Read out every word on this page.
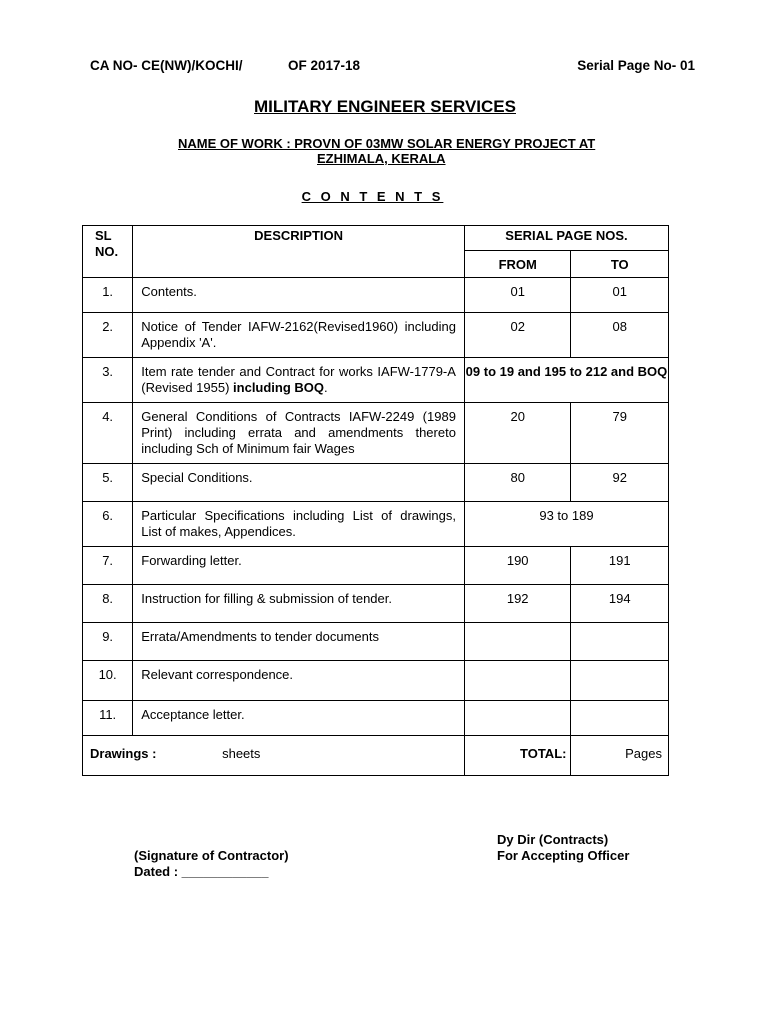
CA NO- CE(NW)/KOCHI/	OF 2017-18	Serial Page No- 01
MILITARY ENGINEER SERVICES
NAME OF WORK : PROVN OF 03MW SOLAR ENERGY PROJECT AT
EZHIMALA, KERALA
C O N T E N T S
SL NO.	DESCRIPTION	SERIAL PAGE NOS.	
		FROM	TO
1.	Contents.	01	01
2.	Notice of Tender IAFW-2162(Revised1960) including Appendix 'A'.	02	08
3.	Item rate tender and Contract for works IAFW-1779-A (Revised 1955) including BOQ.	09 to 19 and 195 to 212 and BOQ	
4.	General Conditions of Contracts IAFW-2249 (1989 Print) including errata and amendments thereto including Sch of Minimum fair Wages	20	79
5.	Special Conditions.	80	92
6.	Particular Specifications including List of drawings, List of makes, Appendices.	93 to 189	
7.	Forwarding letter.	190	191
8.	Instruction for filling & submission of tender.	192	194
9.	Errata/Amendments to tender documents		
10.	Relevant correspondence.		
11.	Acceptance letter.		
Drawings : sheets		TOTAL:	Pages
(Signature of Contractor)
Dated : ____________
Dy Dir (Contracts)
For Accepting Officer
